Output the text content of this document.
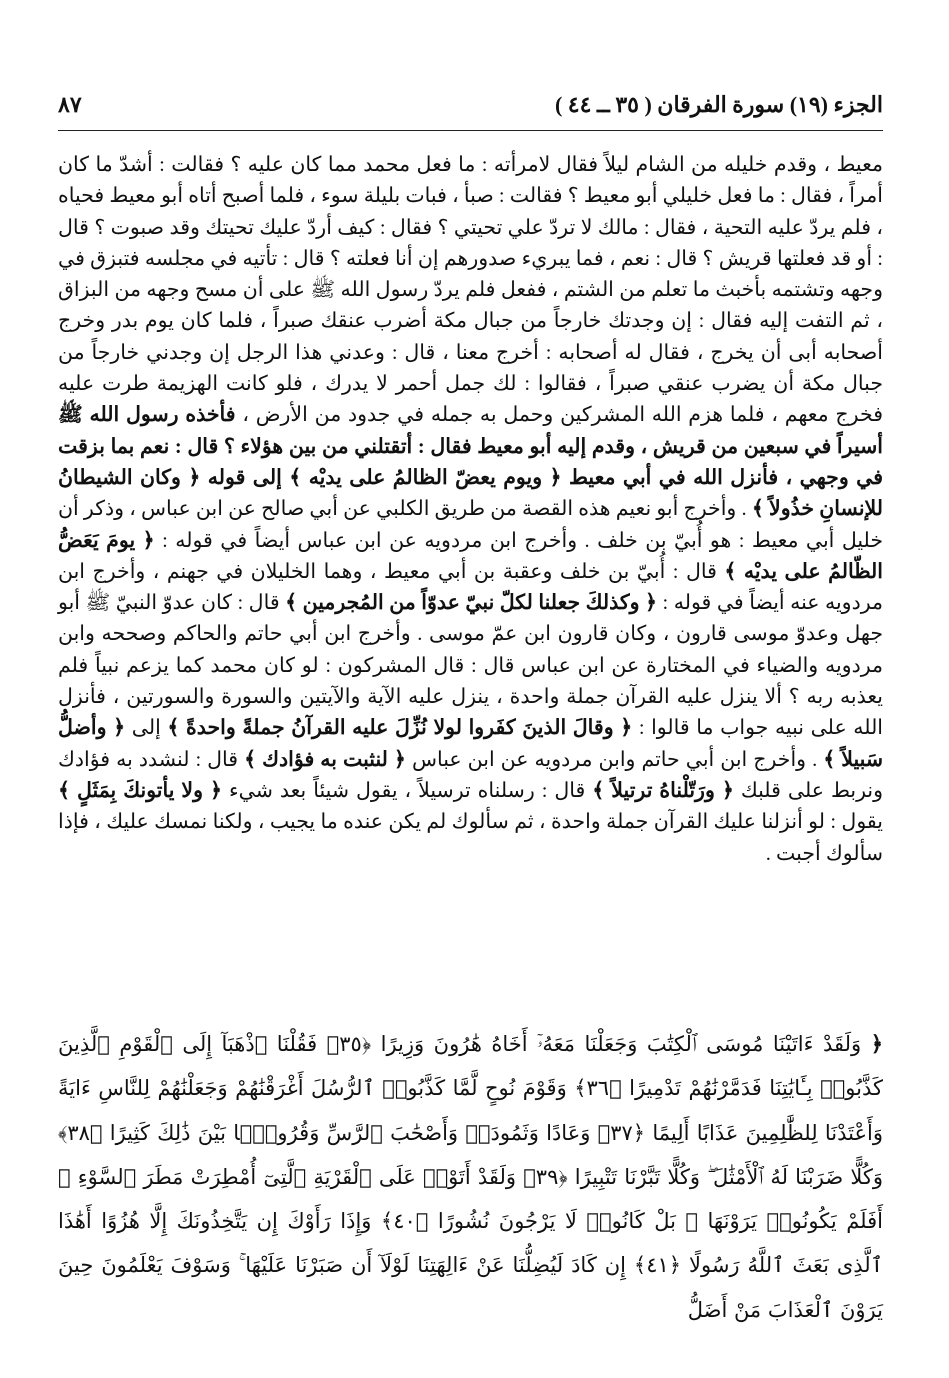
الجزء (١٩) سورة الفرقان ( ٣٥ ــ ٤٤ )
٨٧
معيط ، وقدم خليله من الشام ليلاً فقال لامرأته : ما فعل محمد مما كان عليه ؟ فقالت : أشدّ ما كان أمراً ، فقال : ما فعل خليلي أبو معيط ؟ فقالت : صبأ ، فبات بليلة سوء ، فلما أصبح أتاه أبو معيط فحياه ، فلم يردّ عليه التحية ، فقال : مالك لا تردّ علي تحيتي ؟ فقال : كيف أردّ عليك تحيتك وقد صبوت ؟ قال : أو قد فعلتها قريش ؟ قال : نعم ، فما يبريء صدورهم إن أنا فعلته ؟ قال : تأتيه في مجلسه فتبزق في وجهه وتشتمه بأخبث ما تعلم من الشتم ، ففعل فلم يردّ رسول الله ﷺ على أن مسح وجهه من البزاق ، ثم التفت إليه فقال : إن وجدتك خارجاً من جبال مكة أضرب عنقك صبراً ، فلما كان يوم بدر وخرج أصحابه أبى أن يخرج ، فقال له أصحابه : أخرج معنا ، قال : وعدني هذا الرجل إن وجدني خارجاً من جبال مكة أن يضرب عنقي صبراً ، فقالوا : لك جمل أحمر لا يدرك ، فلو كانت الهزيمة طرت عليه فخرج معهم ، فلما هزم الله المشركين وحمل به جمله في جدود من الأرض ، فأخذه رسول الله ﷺ أسيراً في سبعين من قريش ، وقدم إليه أبو معيط فقال : أتقتلني من بين هؤلاء ؟ قال : نعم بما بزقت في وجهي ، فأنزل الله في أبي معيط ﴿ ويوم يعضّ الظالمُ على يديْه ﴾ إلى قوله ﴿ وكان الشيطانُ للإنسانِ خذُولاً ﴾ . وأخرج أبو نعيم هذه القصة من طريق الكلبي عن أبي صالح عن ابن عباس ، وذكر أن خليل أبي معيط : هو أُبيّ بن خلف . وأخرج ابن مردويه عن ابن عباس أيضاً في قوله : ﴿ يومَ يَعَضُّ الظّالمُ على يديْه ﴾ قال : أُبيّ بن خلف وعقبة بن أبي معيط ، وهما الخليلان في جهنم ، وأخرج ابن مردويه عنه أيضاً في قوله : ﴿ وكذلكَ جعلنا لكلّ نبيّ عدوّاً من المُجرمين ﴾ قال : كان عدوّ النبيّ ﷺ أبو جهل وعدوّ موسى قارون ، وكان قارون ابن عمّ موسى . وأخرج ابن أبي حاتم والحاكم وصححه وابن مردويه والضياء في المختارة عن ابن عباس قال : قال المشركون : لو كان محمد كما يزعم نبياً فلم يعذبه ربه ؟ ألا ينزل عليه القرآن جملة واحدة ، ينزل عليه الآية والآيتين والسورة والسورتين ، فأنزل الله على نبيه جواب ما قالوا : ﴿ وقالَ الذينَ كفَروا لولا نُزِّلَ عليه القرآنُ جملةً واحدةً ﴾ إلى ﴿ وأضلُّ سَبيلاً ﴾ . وأخرج ابن أبي حاتم وابن مردويه عن ابن عباس ﴿ لنثبت به فؤادك ﴾ قال : لنشدد به فؤادك ونربط على قلبك ﴿ ورَتّلْناهُ ترتيلاً ﴾ قال : رسلناه ترسيلاً ، يقول شيئاً بعد شيء ﴿ ولا يأتونكَ بِمَثَلٍ ﴾ يقول : لو أنزلنا عليك القرآن جملة واحدة ، ثم سألوك لم يكن عنده ما يجيب ، ولكنا نمسك عليك ، فإذا سألوك أجبت .
﴿ وَلَقَدْ ءَاتَيْنَا مُوسَى ٱلْكِتَٰبَ وَجَعَلْنَا مَعَهُۥٓ أَخَاهُ هَٰرُونَ وَزِيرًا ﴿٣٥﴾ فَقُلْنَا ٱذْهَبَآ إِلَى ٱلْقَوْمِ ٱلَّذِينَ كَذَّبُوا۟ بِـَٔايَٰتِنَا فَدَمَّرْنَٰهُمْ تَدْمِيرًا ﴿٣٦﴾ وَقَوْمَ نُوحٍ لَّمَّا كَذَّبُوا۟ ٱلرُّسُلَ أَغْرَقْنَٰهُمْ وَجَعَلْنَٰهُمْ لِلنَّاسِ ءَايَةً وَأَعْتَدْنَا لِلظَّٰلِمِينَ عَذَابًا أَلِيمًا ﴿٣٧﴾ وَعَادًا وَثَمُودَا۟ وَأَصْحَٰبَ ٱلرَّسِّ وَقُرُونًۢا بَيْنَ ذَٰلِكَ كَثِيرًا ﴿٣٨﴾ وَكُلًّا ضَرَبْنَا لَهُ ٱلْأَمْثَٰلَ ۖ وَكُلًّا تَبَّرْنَا تَتْبِيرًا ﴿٣٩﴾ وَلَقَدْ أَتَوْا۟ عَلَى ٱلْقَرْيَةِ ٱلَّتِىٓ أُمْطِرَتْ مَطَرَ ٱلسَّوْءِ ۚ أَفَلَمْ يَكُونُوا۟ يَرَوْنَهَا ۚ بَلْ كَانُوا۟ لَا يَرْجُونَ نُشُورًا ﴿٤٠﴾ وَإِذَا رَأَوْكَ إِن يَتَّخِذُونَكَ إِلَّا هُزُوًا أَهَٰذَا ٱلَّذِى بَعَثَ ٱللَّهُ رَسُولًا ﴿٤١﴾ إِن كَادَ لَيُضِلُّنَا عَنْ ءَالِهَتِنَا لَوْلَآ أَن صَبَرْنَا عَلَيْهَا ۚ وَسَوْفَ يَعْلَمُونَ حِينَ يَرَوْنَ ٱلْعَذَابَ مَنْ أَضَلُّ
